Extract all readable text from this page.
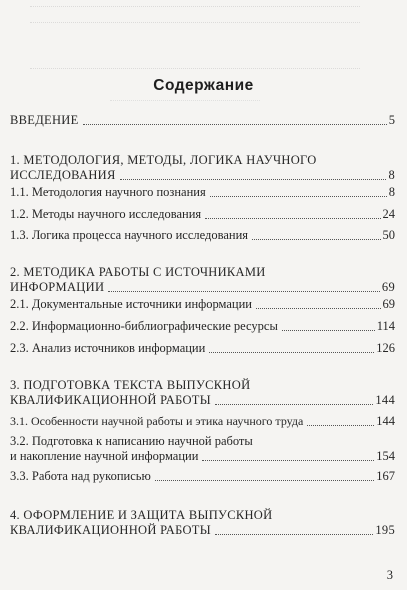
Содержание
ВВЕДЕНИЕ	5
1. МЕТОДОЛОГИЯ, МЕТОДЫ, ЛОГИКА НАУЧНОГО
ИССЛЕДОВАНИЯ	8
1.1. Методология научного познания	8
1.2. Методы научного исследования	24
1.3. Логика процесса научного исследования	50
2. МЕТОДИКА РАБОТЫ С ИСТОЧНИКАМИ
ИНФОРМАЦИИ	69
2.1. Документальные источники информации	69
2.2. Информационно-библиографические ресурсы	114
2.3. Анализ источников информации	126
3. ПОДГОТОВКА ТЕКСТА ВЫПУСКНОЙ
КВАЛИФИКАЦИОННОЙ РАБОТЫ	144
3.1. Особенности научной работы и этика научного труда	144
3.2. Подготовка к написанию научной работы
и накопление научной информации	154
3.3. Работа над рукописью	167
4. ОФОРМЛЕНИЕ И ЗАЩИТА ВЫПУСКНОЙ
КВАЛИФИКАЦИОННОЙ РАБОТЫ	195
3
